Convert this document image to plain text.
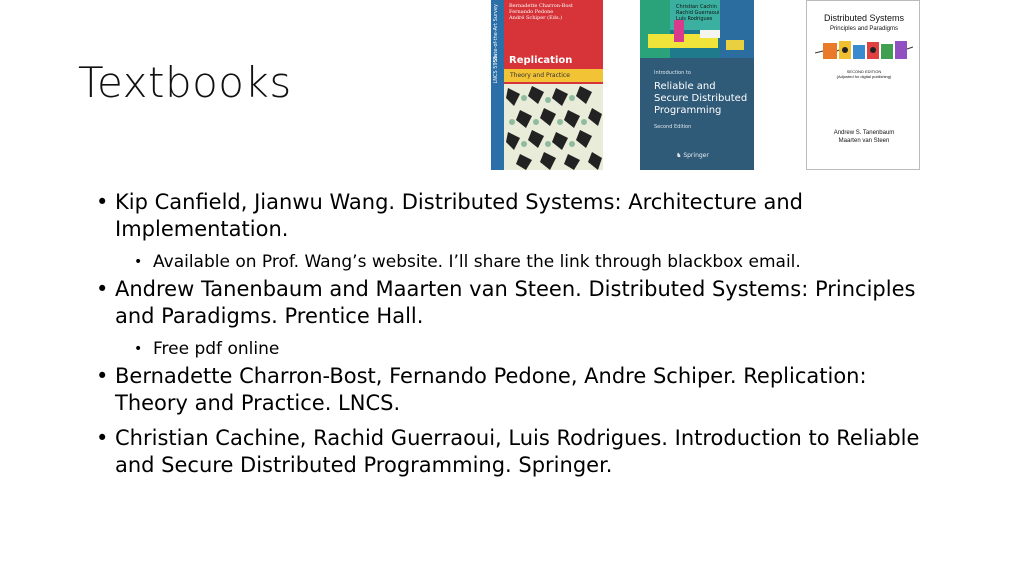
Textbooks
State-of-the-Art Survey
LNCS 5959
Bernadette Charron-Bost
Fernando Pedone
André Schiper (Eds.)
Replication
Theory and Practice
Christian Cachin
Rachid Guerraoui
Luís Rodrigues
Introduction to
Reliable and Secure Distributed Programming
Second Edition
♞ Springer
Distributed Systems
Principles and Paradigms
SECOND EDITION
(Adjusted for digital publishing)
Andrew S. Tanenbaum
Maarten van Steen
• Kip Canfield, Jianwu Wang. Distributed Systems: Architecture and Implementation.
• Available on Prof. Wang’s website. I’ll share the link through blackbox email.
• Andrew Tanenbaum and Maarten van Steen. Distributed Systems: Principles and Paradigms. Prentice Hall.
• Free pdf online
• Bernadette Charron-Bost, Fernando Pedone, Andre Schiper. Replication: Theory and Practice. LNCS.
• Christian Cachine, Rachid Guerraoui, Luis Rodrigues. Introduction to Reliable and Secure Distributed Programming. Springer.
